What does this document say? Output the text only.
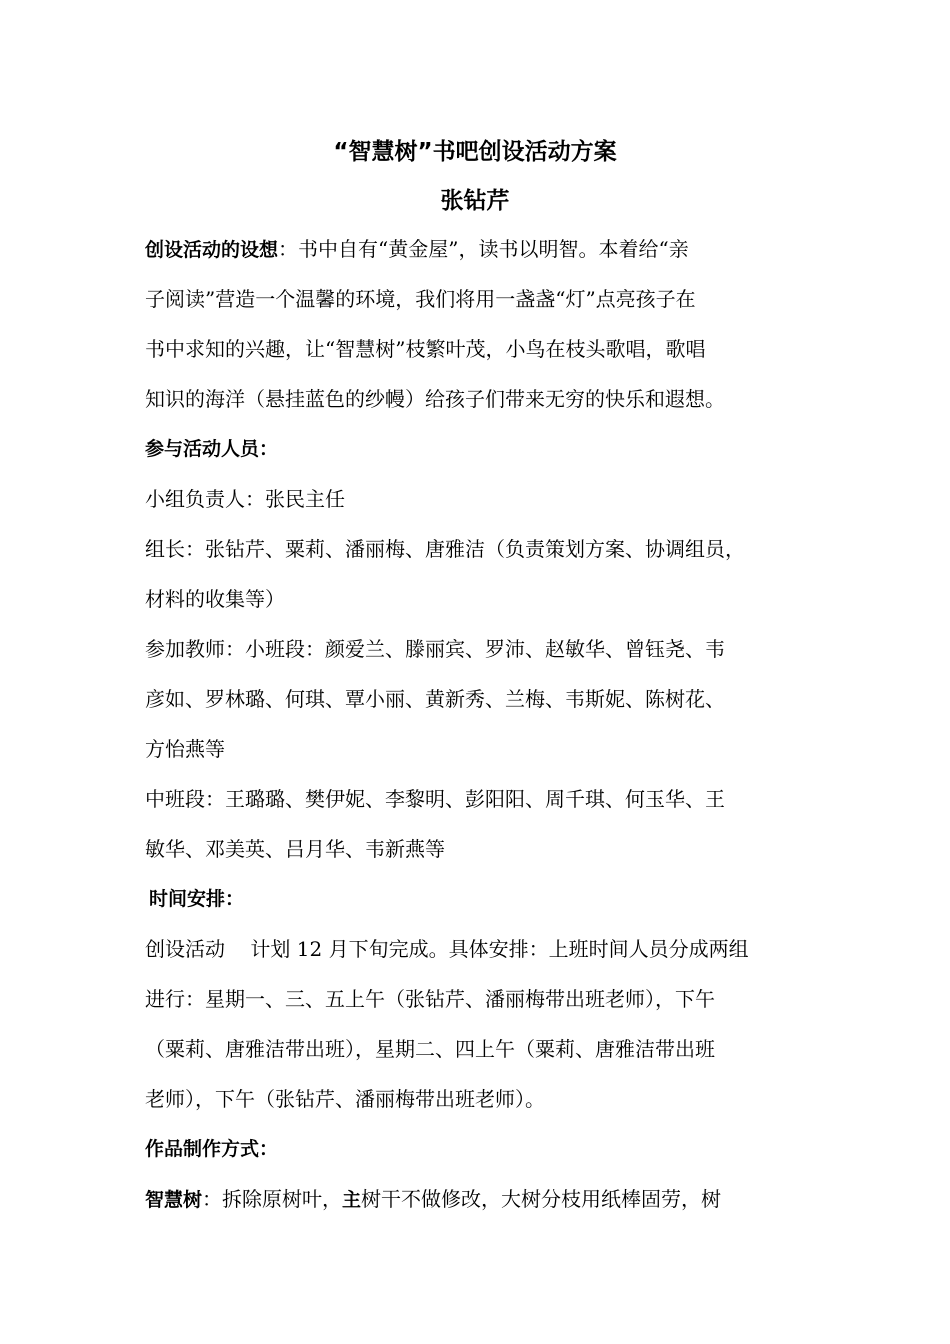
“智慧树”书吧创设活动方案
张钻芹
创设活动的设想：书中自有“黄金屋”，读书以明智。本着给“亲
子阅读”营造一个温馨的环境，我们将用一盏盏“灯”点亮孩子在
书中求知的兴趣，让“智慧树”枝繁叶茂，小鸟在枝头歌唱，歌唱
知识的海洋（悬挂蓝色的纱幔）给孩子们带来无穷的快乐和遐想。
参与活动人员：
小组负责人：张民主任
组长：张钻芹、粟莉、潘丽梅、唐雅洁（负责策划方案、协调组员，
材料的收集等）
参加教师：小班段：颜爱兰、滕丽宾、罗沛、赵敏华、曾钰尧、韦
彦如、罗林璐、何琪、覃小丽、黄新秀、兰梅、韦斯妮、陈树花、
方怡燕等
中班段：王璐璐、樊伊妮、李黎明、彭阳阳、周千琪、何玉华、王
敏华、邓美英、吕月华、韦新燕等
时间安排：
创设活动    计划 12 月下旬完成。具体安排：上班时间人员分成两组
进行：星期一、三、五上午（张钻芹、潘丽梅带出班老师），下午
（粟莉、唐雅洁带出班），星期二、四上午（粟莉、唐雅洁带出班
老师），下午（张钻芹、潘丽梅带出班老师）。
作品制作方式：
智慧树：拆除原树叶，主树干不做修改，大树分枝用纸棒固劳，树
